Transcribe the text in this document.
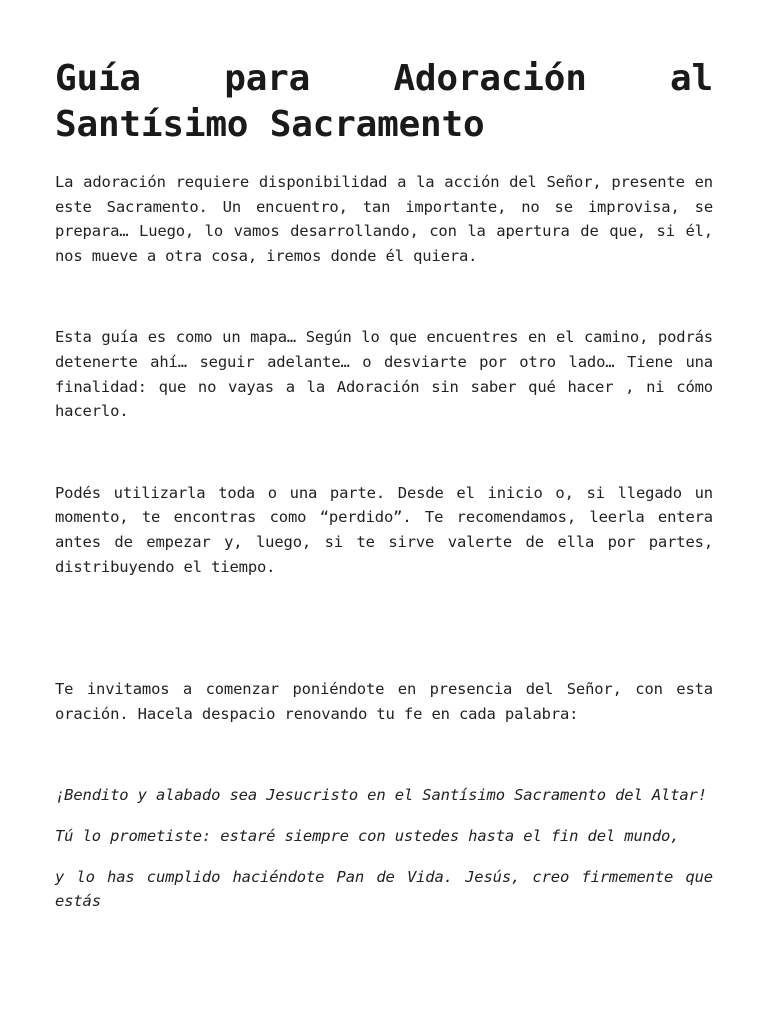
Guía para Adoración al Santísimo Sacramento

La adoración requiere disponibilidad a la acción del Señor, presente en este Sacramento. Un encuentro, tan importante, no se improvisa, se prepara… Luego, lo vamos desarrollando, con la apertura de que, si él, nos mueve a otra cosa, iremos donde él quiera.

Esta guía es como un mapa… Según lo que encuentres en el camino, podrás detenerte ahí… seguir adelante… o desviarte por otro lado… Tiene una finalidad: que no vayas a la Adoración sin saber qué hacer , ni cómo hacerlo.

Podés utilizarla toda o una parte. Desde el inicio o, si llegado un momento, te encontras como “perdido”. Te recomendamos, leerla entera antes de empezar y, luego, si te sirve valerte de ella por partes, distribuyendo el tiempo.

Te invitamos a comenzar poniéndote en presencia del Señor, con esta oración. Hacela despacio renovando tu fe en cada palabra:

¡Bendito y alabado sea Jesucristo en el Santísimo Sacramento del Altar!

Tú lo prometiste: estaré siempre con ustedes hasta el fin del mundo,

y lo has cumplido haciéndote Pan de Vida. Jesús, creo firmemente que estás
